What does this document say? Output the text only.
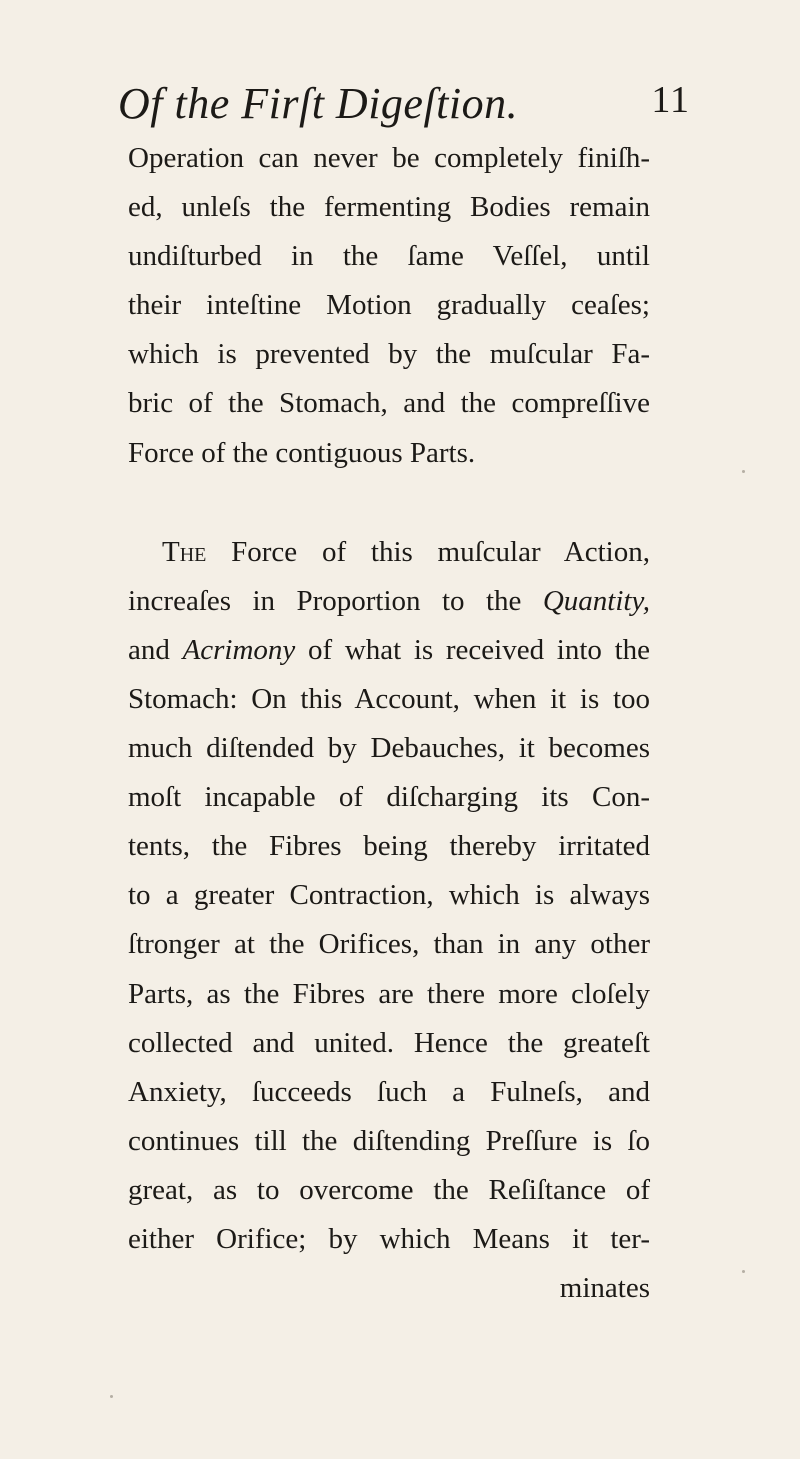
Of the Firſt Digeſtion.	11
Operation can never be completely finiſh-
ed, unleſs the fermenting Bodies remain
undiſturbed in the ſame Veſſel, until
their inteſtine Motion gradually ceaſes;
which is prevented by the muſcular Fa-
bric of the Stomach, and the compreſſive
Force of the contiguous Parts.
The Force of this muſcular Action,
increaſes in Proportion to the Quantity,
and Acrimony of what is received into the
Stomach: On this Account, when it is too
much diſtended by Debauches, it becomes
moſt incapable of diſcharging its Con-
tents, the Fibres being thereby irritated
to a greater Contraction, which is always
ſtronger at the Orifices, than in any other
Parts, as the Fibres are there more cloſely
collected and united. Hence the greateſt
Anxiety, ſucceeds ſuch a Fulneſs, and
continues till the diſtending Preſſure is ſo
great, as to overcome the Reſiſtance of
either Orifice; by which Means it ter-
minates
